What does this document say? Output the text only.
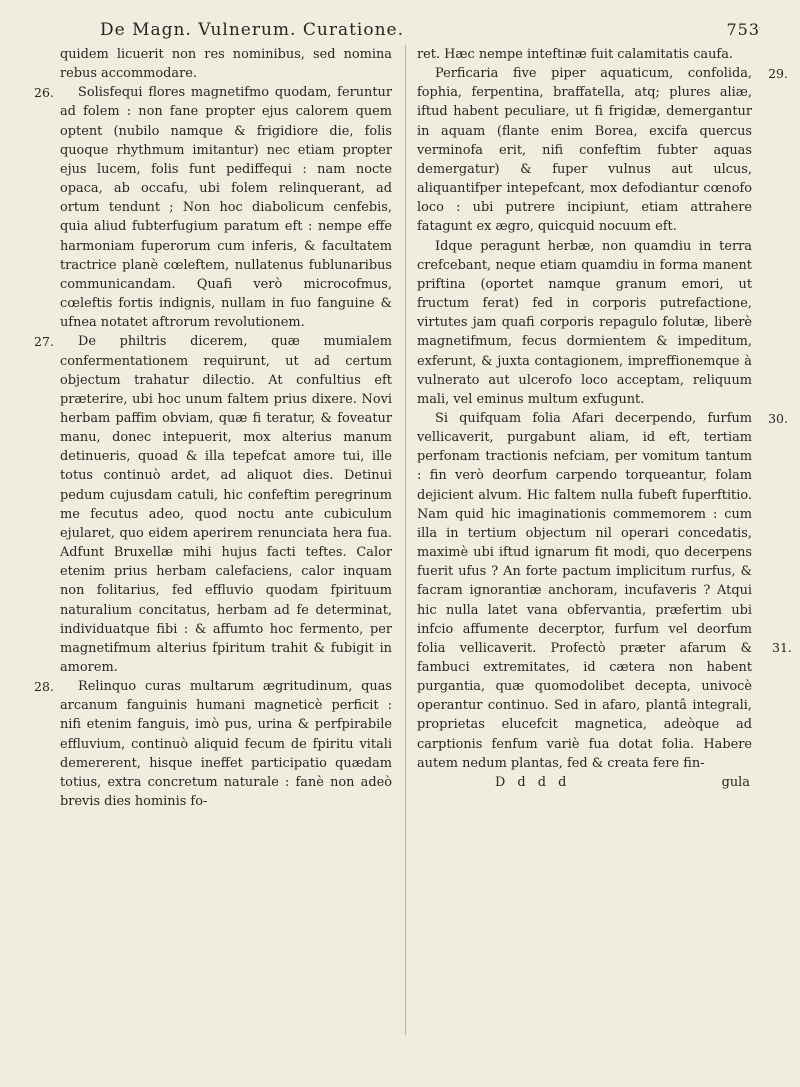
De Magn. Vulnerum. Curatione.	753

quidem licuerit non res nominibus, sed nomina rebus accommodare.

Solisfequi flores magnetifmo quodam, feruntur ad folem : non fane propter ejus calorem quem optent (nubilo namque & frigidiore die, folis quoque rhythmum imitantur) nec etiam propter ejus lucem, folis funt pediffequi : nam nocte opaca, ab occafu, ubi folem relinquerant, ad ortum tendunt ; Non hoc diabolicum cenfebis, quia aliud fubterfugium paratum eft : nempe effe harmoniam fuperorum cum inferis, & facultatem tractrice planè cœleftem, nullatenus fublunaribus communicandam. Quafi verò microcofmus, cœleftis fortis indignis, nullam in fuo fanguine & ufnea notatet aftrorum revolutionem.
26.

De philtris dicerem, quæ mumialem confermentationem requirunt, ut ad certum objectum trahatur dilectio. At confultius eft præterire, ubi hoc unum faltem prius dixere. Novi herbam paffim obviam, quæ fi teratur, & foveatur manu, donec intepuerit, mox alterius manum detinueris, quoad & illa tepefcat amore tui, ille totus continuò ardet, ad aliquot dies. Detinui pedum cujusdam catuli, hic confeftim peregrinum me fecutus adeo, quod noctu ante cubiculum ejularet, quo eidem aperirem renunciata hera fua. Adfunt Bruxellæ mihi hujus facti teftes. Calor etenim prius herbam calefaciens, calor inquam non folitarius, fed effluvio quodam fpirituum naturalium concitatus, herbam ad fe determinat, individuatque fibi : & affumto hoc fermento, per magnetifmum alterius fpiritum trahit & fubigit in amorem.
27.

Relinquo curas multarum ægritudinum, quas arcanum fanguinis humani magneticè perficit : nifi etenim fanguis, imò pus, urina & perfpirabile effluvium, continuò aliquid fecum de fpiritu vitali demererent, hisque ineffet participatio quædam totius, extra concretum naturale : fanè non adeò brevis dies hominis fo-
28.

ret. Hæc nempe inteftinæ fuit calamitatis caufa.

Perficaria five piper aquaticum, confolida, fophia, ferpentina, braffatella, atq; plures aliæ, iftud habent peculiare, ut fi frigidæ, demergantur in aquam (flante enim Borea, excifa quercus verminofa erit, nifi confeftim fubter aquas demergatur) & fuper vulnus aut ulcus, aliquantifper intepefcant, mox defodiantur cœnofo loco : ubi putrere incipiunt, etiam attrahere fatagunt ex ægro, quicquid nocuum eft.
29.

Idque peragunt herbæ, non quamdiu in terra crefcebant, neque etiam quamdiu in forma manent priftina (oportet namque granum emori, ut fructum ferat) fed in corporis putrefactione, virtutes jam quafi corporis repagulo folutæ, liberè magnetifmum, fecus dormientem & impeditum, exferunt, & juxta contagionem, impreffionemque à vulnerato aut ulcerofo loco acceptam, reliquum mali, vel eminus multum exfugunt.

Si quifquam folia Afari decerpendo, furfum vellicaverit, purgabunt aliam, id eft, tertiam perfonam tractionis nefciam, per vomitum tantum : fin verò deorfum carpendo torqueantur, folam dejicient alvum. Hic faltem nulla fubeft fuperftitio. Nam quid hic imaginationis commemorem : cum illa in tertium objectum nil operari concedatis, maximè ubi iftud ignarum fit modi, quo decerpens fuerit ufus ? An forte pactum implicitum rurfus, & facram ignorantiæ anchoram, incufaveris ? Atqui hic nulla latet vana obfervantia, præfertim ubi infcio affumente decerptor, furfum vel deorfum folia vellicaverit. Profectò præter afarum & fambuci extremitates, id cætera non habent purgantia, quæ quomodolibet decepta, univocè operantur continuo. Sed in afaro, plantâ integrali, proprietas elucefcit magnetica, adeòque ad carptionis fenfum variè fua dotat folia. Habere autem nedum plantas, fed & creata fere fin-
30.

D d d d	gula
31.
